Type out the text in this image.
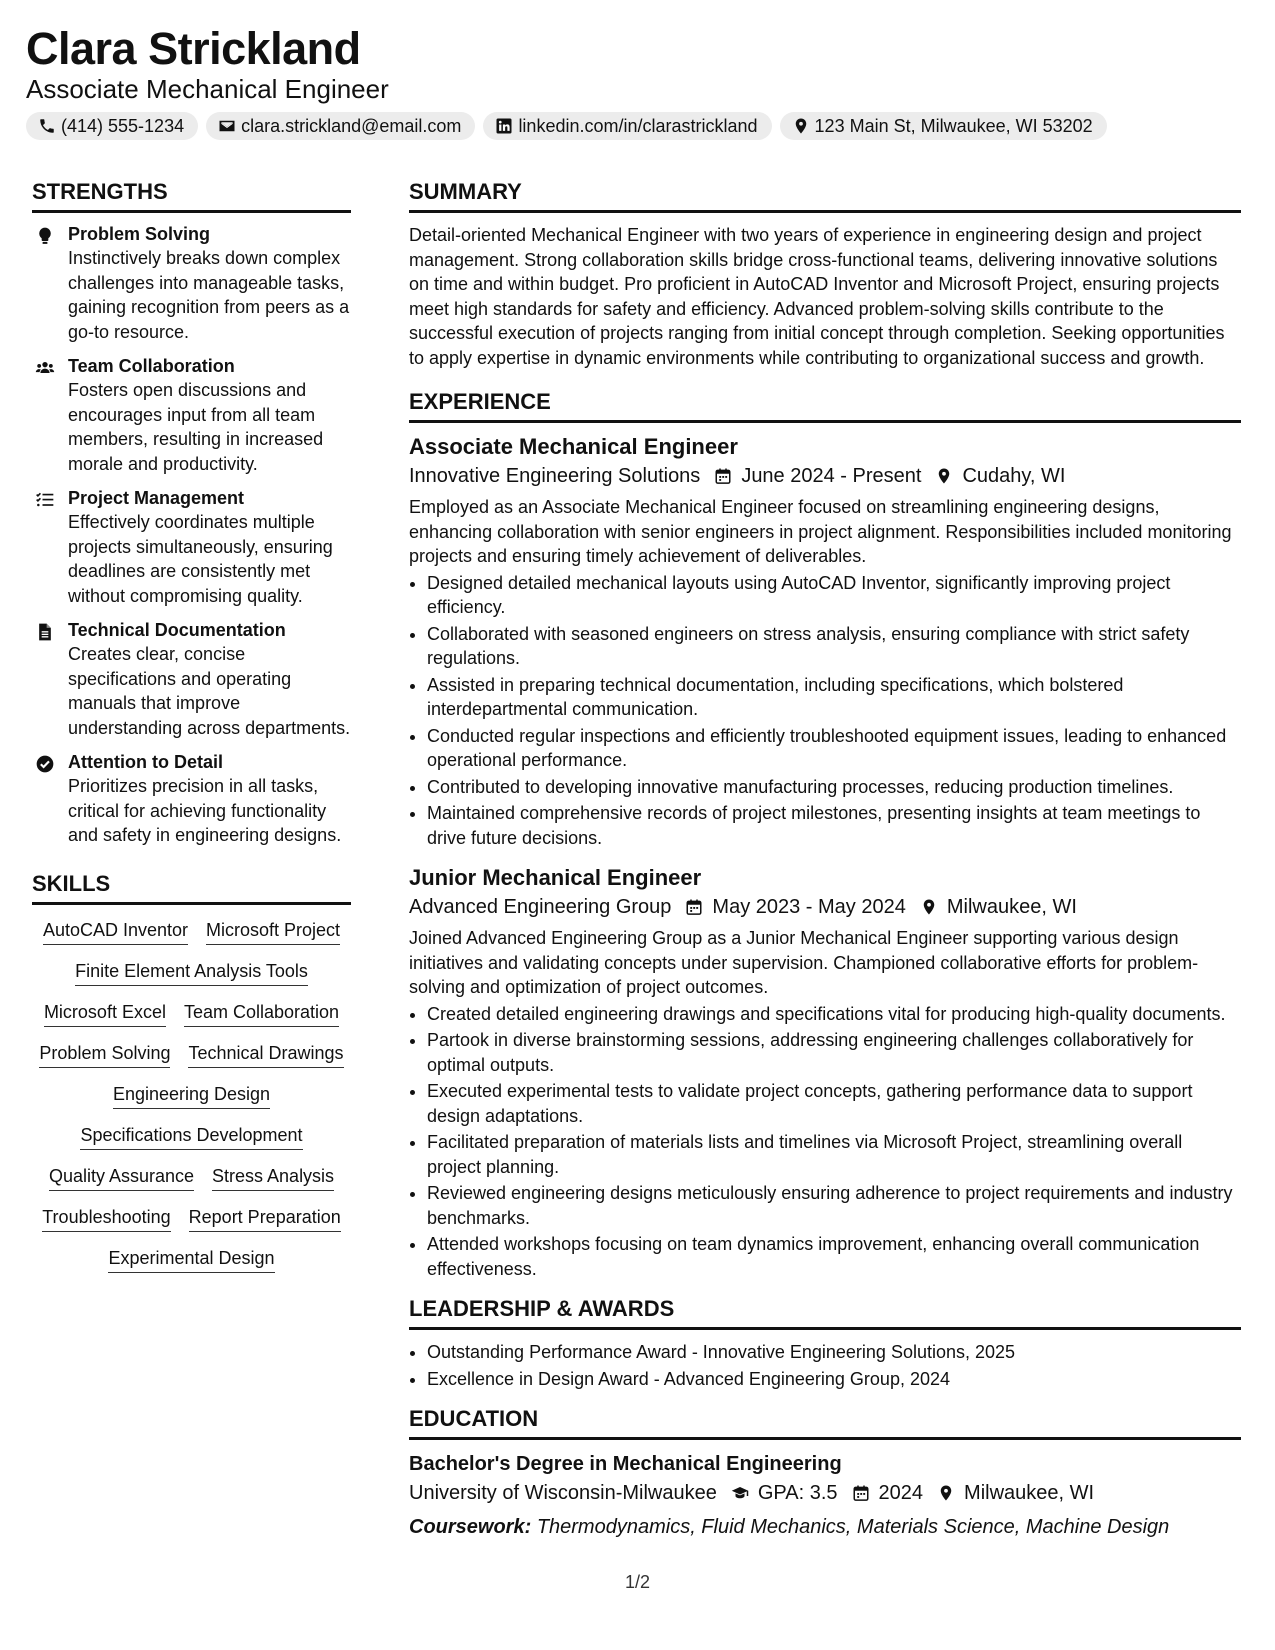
Clara Strickland
Associate Mechanical Engineer
(414) 555-1234	clara.strickland@email.com	linkedin.com/in/clarastrickland	123 Main St, Milwaukee, WI 53202
STRENGTHS
Problem Solving
Instinctively breaks down complex challenges into manageable tasks, gaining recognition from peers as a go-to resource.
Team Collaboration
Fosters open discussions and encourages input from all team members, resulting in increased morale and productivity.
Project Management
Effectively coordinates multiple projects simultaneously, ensuring deadlines are consistently met without compromising quality.
Technical Documentation
Creates clear, concise specifications and operating manuals that improve understanding across departments.
Attention to Detail
Prioritizes precision in all tasks, critical for achieving functionality and safety in engineering designs.
SKILLS
AutoCAD Inventor Microsoft Project
Finite Element Analysis Tools
Microsoft Excel Team Collaboration
Problem Solving Technical Drawings
Engineering Design
Specifications Development
Quality Assurance Stress Analysis
Troubleshooting Report Preparation
Experimental Design
SUMMARY
Detail-oriented Mechanical Engineer with two years of experience in engineering design and project management. Strong collaboration skills bridge cross-functional teams, delivering innovative solutions on time and within budget. Pro proficient in AutoCAD Inventor and Microsoft Project, ensuring projects meet high standards for safety and efficiency. Advanced problem-solving skills contribute to the successful execution of projects ranging from initial concept through completion. Seeking opportunities to apply expertise in dynamic environments while contributing to organizational success and growth.
EXPERIENCE
Associate Mechanical Engineer
Innovative Engineering Solutions June 2024 - Present Cudahy, WI
Employed as an Associate Mechanical Engineer focused on streamlining engineering designs, enhancing collaboration with senior engineers in project alignment. Responsibilities included monitoring projects and ensuring timely achievement of deliverables.
• Designed detailed mechanical layouts using AutoCAD Inventor, significantly improving project efficiency.
• Collaborated with seasoned engineers on stress analysis, ensuring compliance with strict safety regulations.
• Assisted in preparing technical documentation, including specifications, which bolstered interdepartmental communication.
• Conducted regular inspections and efficiently troubleshooted equipment issues, leading to enhanced operational performance.
• Contributed to developing innovative manufacturing processes, reducing production timelines.
• Maintained comprehensive records of project milestones, presenting insights at team meetings to drive future decisions.
Junior Mechanical Engineer
Advanced Engineering Group May 2023 - May 2024 Milwaukee, WI
Joined Advanced Engineering Group as a Junior Mechanical Engineer supporting various design initiatives and validating concepts under supervision. Championed collaborative efforts for problem-solving and optimization of project outcomes.
• Created detailed engineering drawings and specifications vital for producing high-quality documents.
• Partook in diverse brainstorming sessions, addressing engineering challenges collaboratively for optimal outputs.
• Executed experimental tests to validate project concepts, gathering performance data to support design adaptations.
• Facilitated preparation of materials lists and timelines via Microsoft Project, streamlining overall project planning.
• Reviewed engineering designs meticulously ensuring adherence to project requirements and industry benchmarks.
• Attended workshops focusing on team dynamics improvement, enhancing overall communication effectiveness.
LEADERSHIP & AWARDS
• Outstanding Performance Award - Innovative Engineering Solutions, 2025
• Excellence in Design Award - Advanced Engineering Group, 2024
EDUCATION
Bachelor's Degree in Mechanical Engineering
University of Wisconsin-Milwaukee GPA: 3.5 2024 Milwaukee, WI
Coursework: Thermodynamics, Fluid Mechanics, Materials Science, Machine Design
1/2
